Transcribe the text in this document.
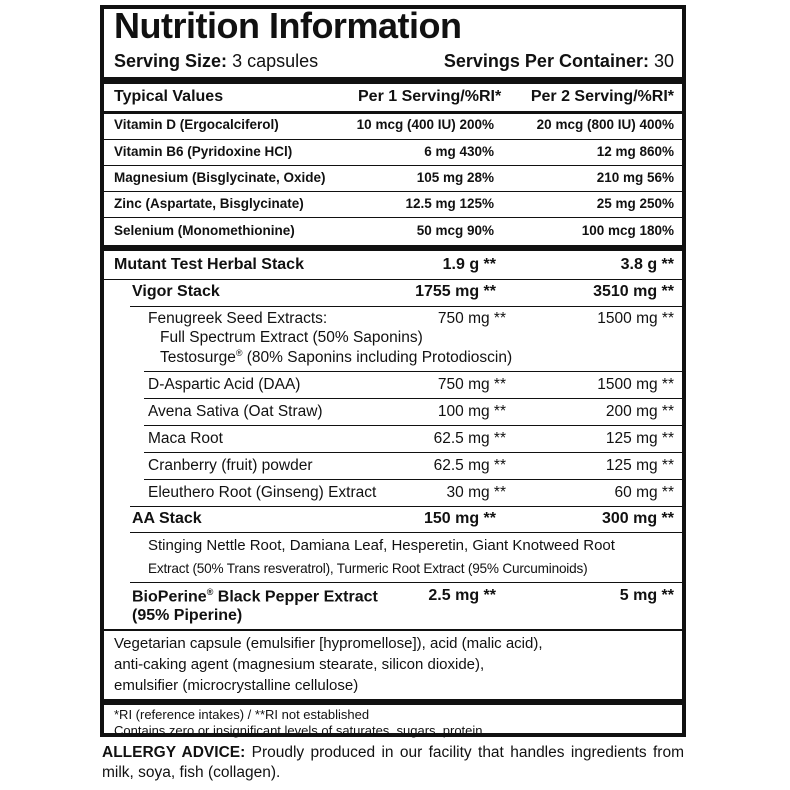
Nutrition Information
Serving Size: 3 capsules	Servings Per Container: 30
Typical Values	Per 1 Serving/%RI* Per 2 Serving/%RI*
Vitamin D (Ergocalciferol)	10 mcg (400 IU) 200%	20 mcg (800 IU) 400%
Vitamin B6 (Pyridoxine HCl)	6 mg 430%	12 mg 860%
Magnesium (Bisglycinate, Oxide)	105 mg 28%	210 mg 56%
Zinc (Aspartate, Bisglycinate)	12.5 mg 125%	25 mg 250%
Selenium (Monomethionine)	50 mcg 90%	100 mcg 180%
Mutant Test Herbal Stack	1.9 g **	3.8 g **
Vigor Stack	1755 mg **	3510 mg **
Fenugreek Seed Extracts:	750 mg **	1500 mg **
Full Spectrum Extract (50% Saponins)
Testosurge® (80% Saponins including Protodioscin)
D-Aspartic Acid (DAA)	750 mg **	1500 mg **
Avena Sativa (Oat Straw)	100 mg **	200 mg **
Maca Root	62.5 mg **	125 mg **
Cranberry (fruit) powder	62.5 mg **	125 mg **
Eleuthero Root (Ginseng) Extract	30 mg **	60 mg **
AA Stack	150 mg **	300 mg **
Stinging Nettle Root, Damiana Leaf, Hesperetin, Giant Knotweed Root
Extract (50% Trans resveratrol), Turmeric Root Extract (95% Curcuminoids)
BioPerine® Black Pepper Extract	2.5 mg **	5 mg **
(95% Piperine)
Vegetarian capsule (emulsifier [hypromellose]), acid (malic acid),
anti-caking agent (magnesium stearate, silicon dioxide),
emulsifier (microcrystalline cellulose)
*RI (reference intakes) / **RI not established
Contains zero or insignificant levels of saturates, sugars, protein.
ALLERGY ADVICE: Proudly produced in our facility that handles ingredients from milk, soya, fish (collagen).
